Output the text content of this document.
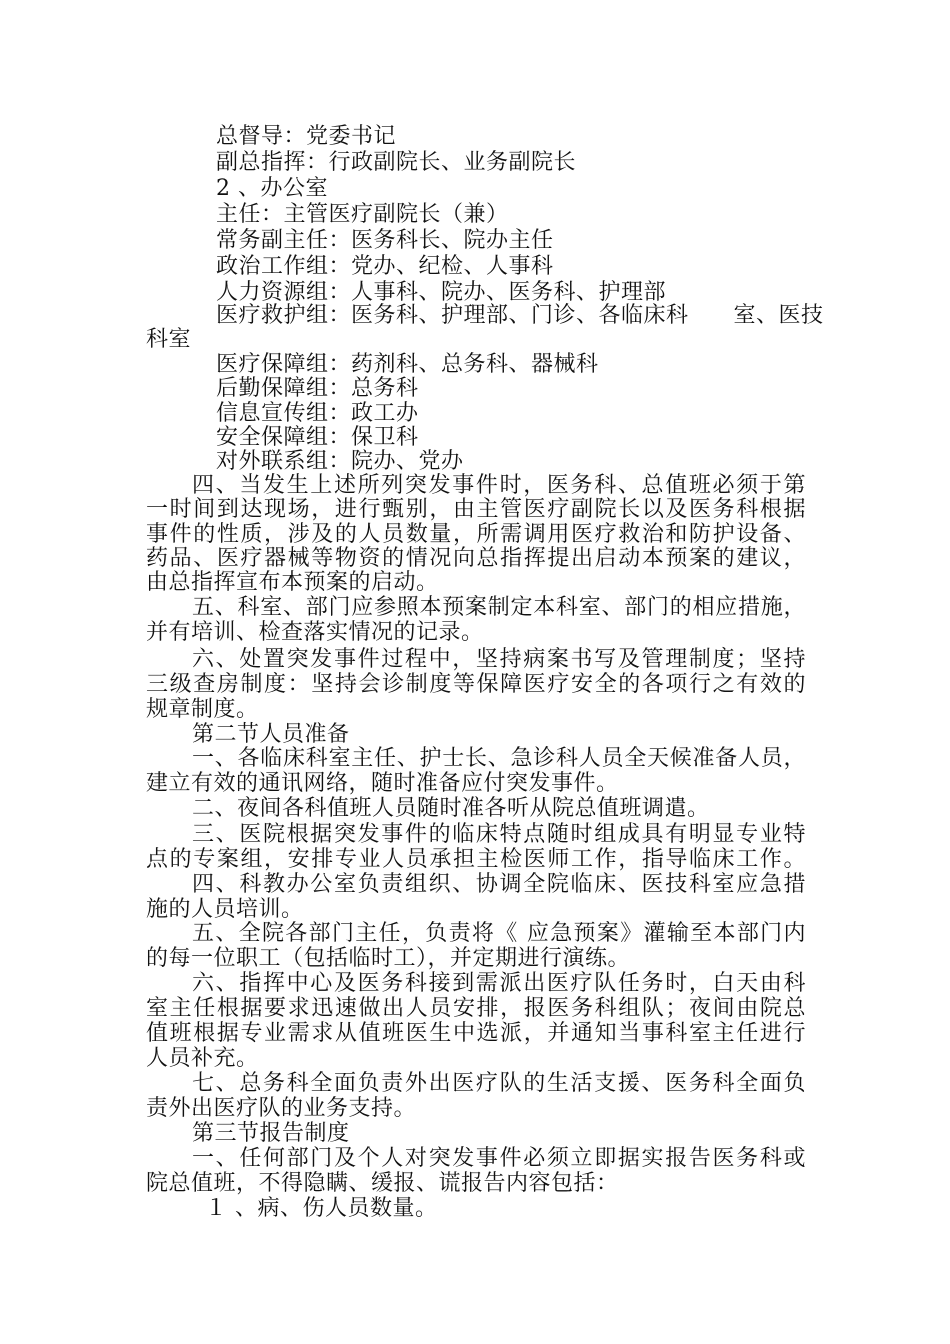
总督导：党委书记
副总指挥：行政副院长、业务副院长
2 、办公室
主任：主管医疗副院长（兼）
常务副主任：医务科长、院办主任
政治工作组：党办、纪检、人事科
人力资源组：人事科、院办、医务科、护理部
医疗救护组：医务科、护理部、门诊、各临床科　　室、医技
科室
医疗保障组：药剂科、总务科、器械科
后勤保障组：总务科
信息宣传组：政工办
安全保障组：保卫科
对外联系组：院办、党办
四、当发生上述所列突发事件时，医务科、总值班必须于第
一时间到达现场，进行甄别，由主管医疗副院长以及医务科根据
事件的性质，涉及的人员数量，所需调用医疗救治和防护设备、
药品、医疗器械等物资的情况向总指挥提出启动本预案的建议，
由总指挥宣布本预案的启动。
五、科室、部门应参照本预案制定本科室、部门的相应措施，
并有培训、检查落实情况的记录。
六、处置突发事件过程中，坚持病案书写及管理制度；坚持
三级查房制度：坚持会诊制度等保障医疗安全的各项行之有效的
规章制度。
第二节人员准备
一、各临床科室主任、护士长、急诊科人员全天候准备人员，
建立有效的通讯网络，随时准备应付突发事件。
二、夜间各科值班人员随时准各听从院总值班调遣。
三、医院根据突发事件的临床特点随时组成具有明显专业特
点的专案组，安排专业人员承担主检医师工作，指导临床工作。
四、科教办公室负责组织、协调全院临床、医技科室应急措
施的人员培训。
五、全院各部门主任，负责将《 应急预案》灌输至本部门内
的每一位职工（包括临时工），并定期进行演练。
六、指挥中心及医务科接到需派出医疗队任务时，白天由科
室主任根据要求迅速做出人员安排，报医务科组队；夜间由院总
值班根据专业需求从值班医生中选派，并通知当事科室主任进行
人员补充。
七、总务科全面负责外出医疗队的生活支援、医务科全面负
责外出医疗队的业务支持。
第三节报告制度
一、任何部门及个人对突发事件必须立即据实报告医务科或
院总值班，不得隐瞒、缓报、谎报告内容包括：
１ 、病、伤人员数量。
